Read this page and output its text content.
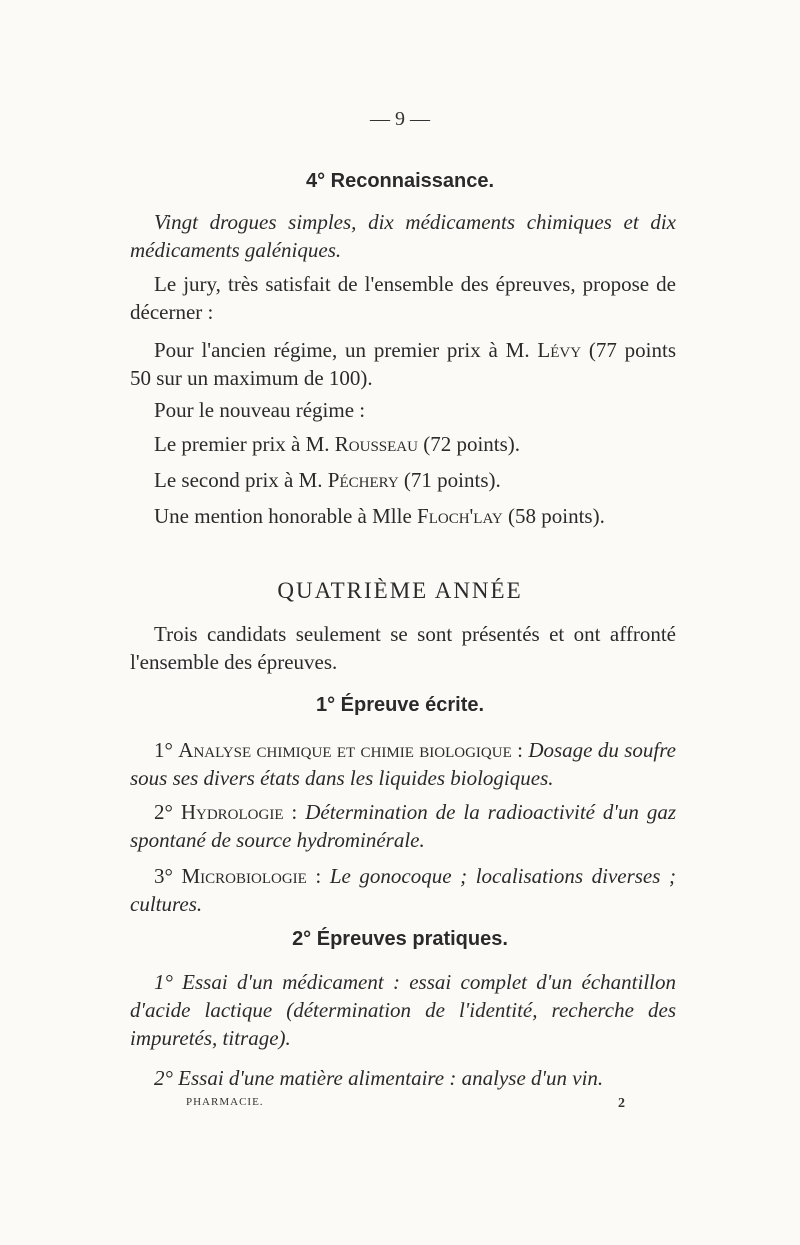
— 9 —
4° Reconnaissance.
Vingt drogues simples, dix médicaments chimiques et dix médicaments galéniques.
Le jury, très satisfait de l'ensemble des épreuves, propose de décerner :
Pour l'ancien régime, un premier prix à M. Lévy (77 points 50 sur un maximum de 100).
Pour le nouveau régime :
Le premier prix à M. Rousseau (72 points).
Le second prix à M. Péchery (71 points).
Une mention honorable à Mlle Floch'lay (58 points).
QUATRIÈME ANNÉE
Trois candidats seulement se sont présentés et ont affronté l'ensemble des épreuves.
1° Épreuve écrite.
1° Analyse chimique et chimie biologique : Dosage du soufre sous ses divers états dans les liquides biologiques.
2° Hydrologie : Détermination de la radioactivité d'un gaz spontané de source hydrominérale.
3° Microbiologie : Le gonocoque ; localisations diverses ; cultures.
2° Épreuves pratiques.
1° Essai d'un médicament : essai complet d'un échantillon d'acide lactique (détermination de l'identité, recherche des impuretés, titrage).
2° Essai d'une matière alimentaire : analyse d'un vin.
PHARMACIE.	2
